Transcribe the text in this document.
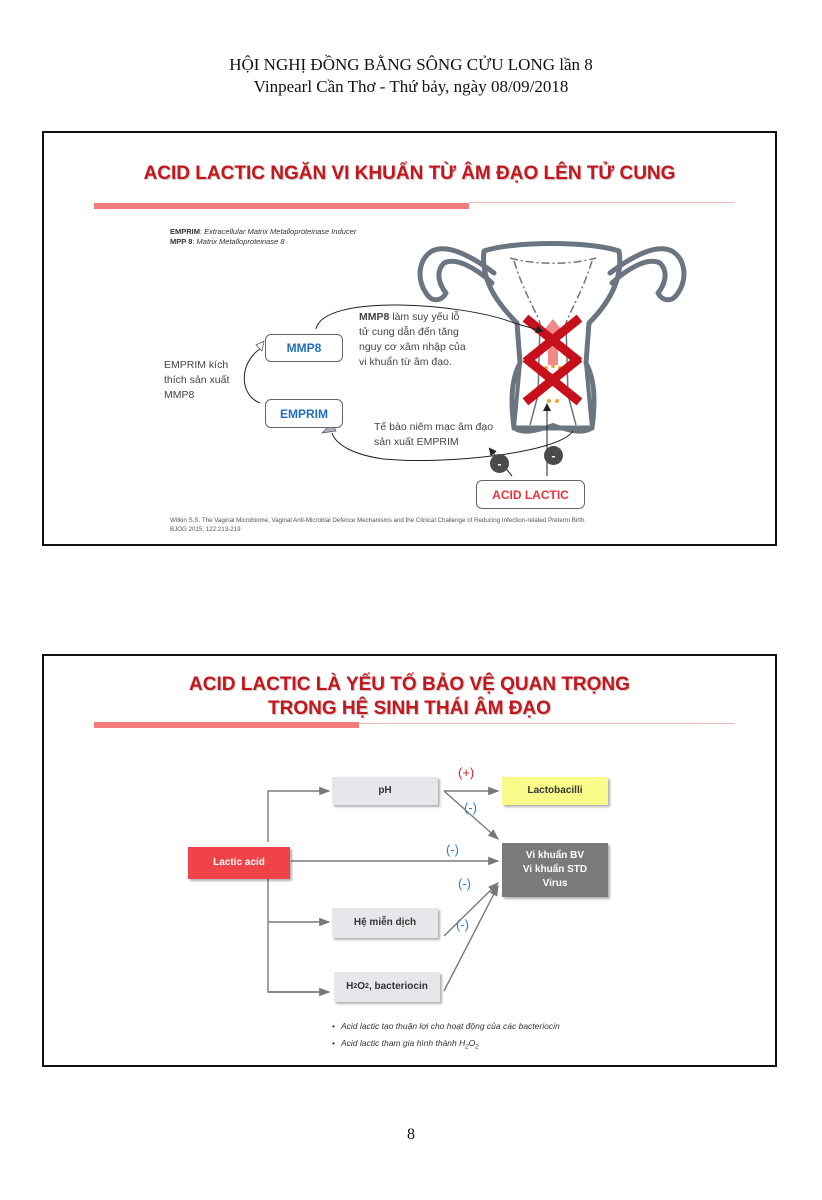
HỘI NGHỊ ĐỒNG BẰNG SÔNG CỬU LONG lần 8
Vinpearl Cần Thơ - Thứ bảy, ngày 08/09/2018
ACID LACTIC NGĂN VI KHUẨN TỪ ÂM ĐẠO LÊN TỬ CUNG
EMPRIM: Extracellular Matrix Metalloproteinase Inducer
MPP 8: Matrix Metalloproteinase 8
MMP8
EMPRIM
ACID LACTIC
EMPRIM kích
thích sản xuất
MMP8
MMP8 làm suy yếu lỗ
tử cung dẫn đến tăng
nguy cơ xâm nhập của
vi khuẩn từ âm đạo.
Tế bào niêm mạc âm đạo
sản xuất EMPRIM
-
-
Witkin S.S. The Vaginal Microbiome, Vaginal Anti-Microbial Defence Mechanisms and the Clinical Challenge of Reducing Infection-related Preterm Birth.
BJOG 2015; 122:213-219
ACID LACTIC LÀ YẾU TỐ BẢO VỆ QUAN TRỌNG
TRONG HỆ SINH THÁI ÂM ĐẠO
Lactic acid
pH	Lactobacilli
Vi khuẩn BV
Vi khuẩn STD
Virus
Hệ miễn dịch
H 2 O 2 , bacteriocin
(+)
(-)
(-)
(-)
(-)
• Acid lactic tạo thuận lợi cho hoạt động của các bacteriocin
• Acid lactic tham gia hình thành $H_2O_2$
8
